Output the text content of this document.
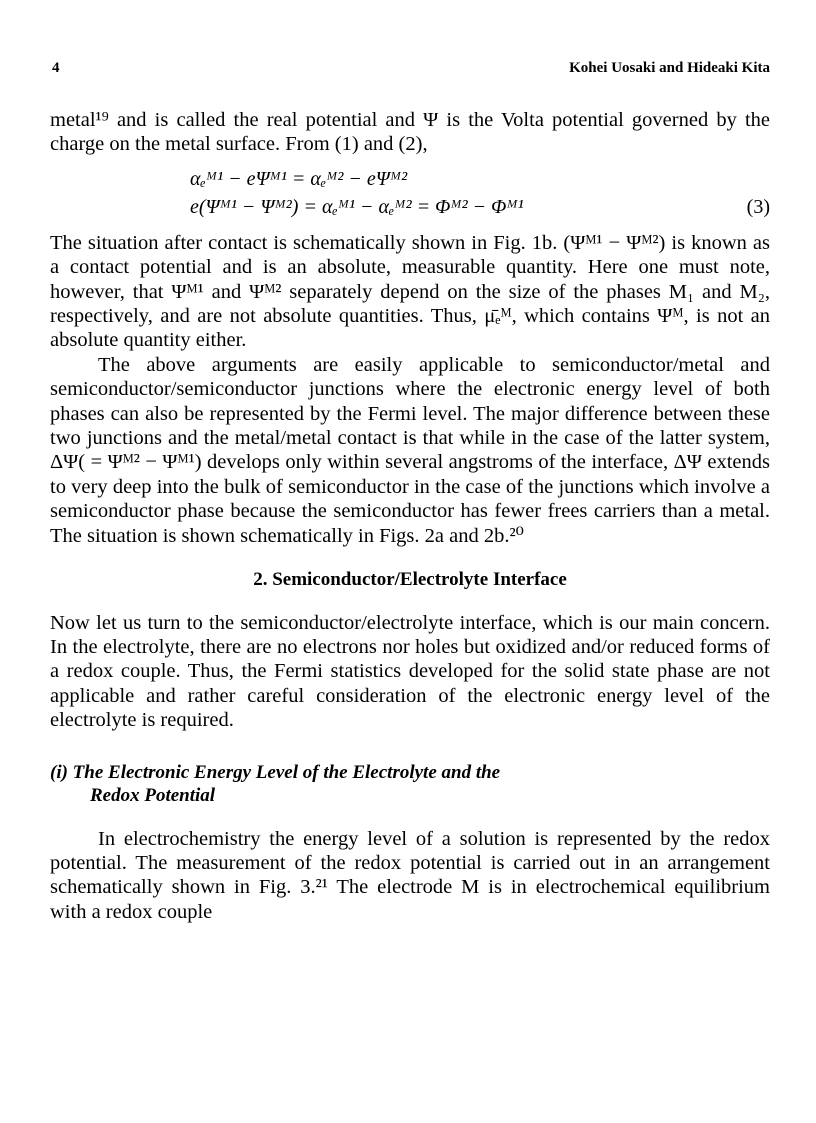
4	Kohei Uosaki and Hideaki Kita

metal¹⁹ and is called the real potential and Ψ is the Volta potential governed by the charge on the metal surface. From (1) and (2),

αₑᴹ¹ − eΨᴹ¹ = αₑᴹ² − eΨᴹ²
e(Ψᴹ¹ − Ψᴹ²) = αₑᴹ¹ − αₑᴹ² = Φᴹ² − Φᴹ¹	(3)

The situation after contact is schematically shown in Fig. 1b. (Ψᴹ¹ − Ψᴹ²) is known as a contact potential and is an absolute, measurable quantity. Here one must note, however, that Ψᴹ¹ and Ψᴹ² separately depend on the size of the phases M₁ and M₂, respectively, and are not absolute quantities. Thus, μ̄ₑᴹ, which contains Ψᴹ, is not an absolute quantity either.

The above arguments are easily applicable to semiconductor/metal and semiconductor/semiconductor junctions where the electronic energy level of both phases can also be represented by the Fermi level. The major difference between these two junctions and the metal/metal contact is that while in the case of the latter system, ΔΨ( = Ψᴹ² − Ψᴹ¹) develops only within several angstroms of the interface, ΔΨ extends to very deep into the bulk of semiconductor in the case of the junctions which involve a semiconductor phase because the semiconductor has fewer frees carriers than a metal. The situation is shown schematically in Figs. 2a and 2b.²⁰

2. Semiconductor/Electrolyte Interface

Now let us turn to the semiconductor/electrolyte interface, which is our main concern. In the electrolyte, there are no electrons nor holes but oxidized and/or reduced forms of a redox couple. Thus, the Fermi statistics developed for the solid state phase are not applicable and rather careful consideration of the electronic energy level of the electrolyte is required.

(i) The Electronic Energy Level of the Electrolyte and the
Redox Potential

In electrochemistry the energy level of a solution is represented by the redox potential. The measurement of the redox potential is carried out in an arrangement schematically shown in Fig. 3.²¹ The electrode M is in electrochemical equilibrium with a redox couple
